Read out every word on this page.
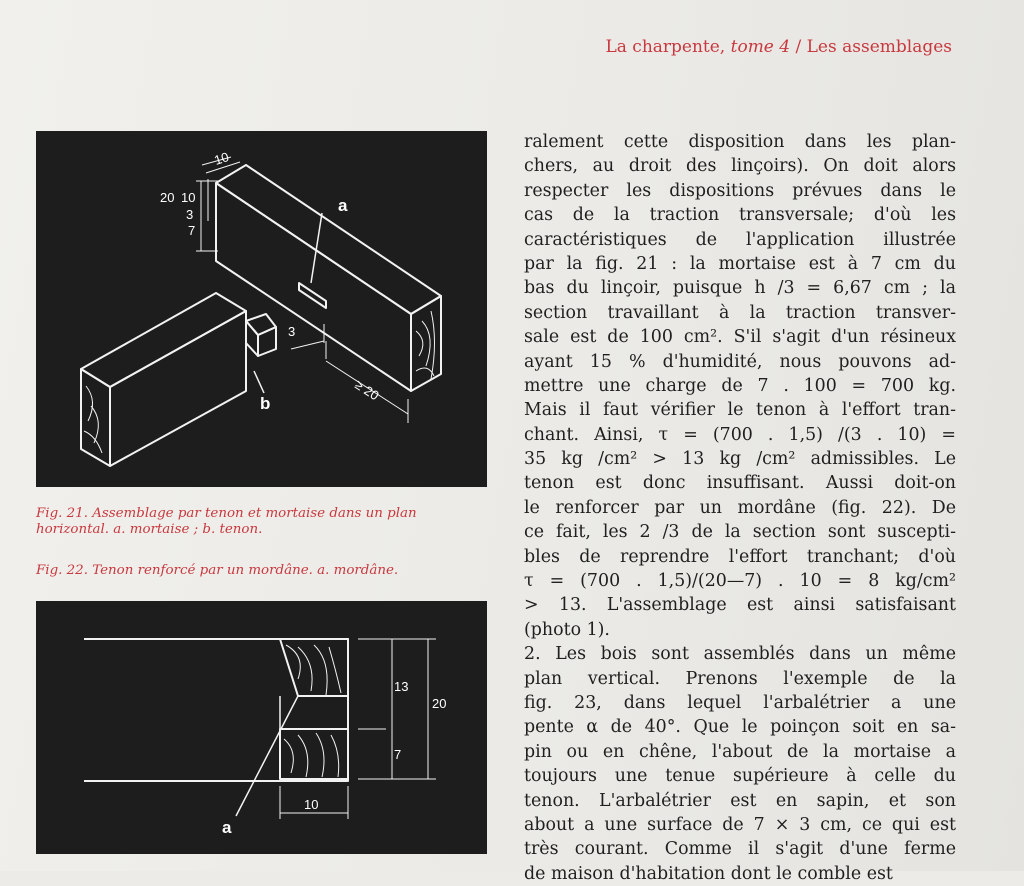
La charpente, tome 4 / Les assemblages
a
b
20 10
3
7
10
3
≥ 20
Fig. 21. Assemblage par tenon et mortaise dans un plan
horizontal. a. mortaise ; b. tenon.
Fig. 22. Tenon renforcé par un mordâne. a. mordâne.
a
13
20
7
10
ralement cette disposition dans les plan-
chers, au droit des linçoirs). On doit alors
respecter les dispositions prévues dans le
cas de la traction transversale; d'où les
caractéristiques de l'application illustrée
par la fig. 21 : la mortaise est à 7 cm du
bas du linçoir, puisque h /3 = 6,67 cm ; la
section travaillant à la traction transver-
sale est de 100 cm². S'il s'agit d'un résineux
ayant 15 % d'humidité, nous pouvons ad-
mettre une charge de 7 . 100 = 700 kg.
Mais il faut vérifier le tenon à l'effort tran-
chant. Ainsi, τ = (700 . 1,5) /(3 . 10) =
35 kg /cm² > 13 kg /cm² admissibles. Le
tenon est donc insuffisant. Aussi doit-on
le renforcer par un mordâne (fig. 22). De
ce fait, les 2 /3 de la section sont suscepti-
bles de reprendre l'effort tranchant; d'où
τ = (700 . 1,5)/(20—7) . 10 = 8 kg/cm²
> 13. L'assemblage est ainsi satisfaisant
(photo 1).
2. Les bois sont assemblés dans un même
plan vertical. Prenons l'exemple de la
fig. 23, dans lequel l'arbalétrier a une
pente α de 40°. Que le poinçon soit en sa-
pin ou en chêne, l'about de la mortaise a
toujours une tenue supérieure à celle du
tenon. L'arbalétrier est en sapin, et son
about a une surface de 7 × 3 cm, ce qui est
très courant. Comme il s'agit d'une ferme
de maison d'habitation dont le comble est
